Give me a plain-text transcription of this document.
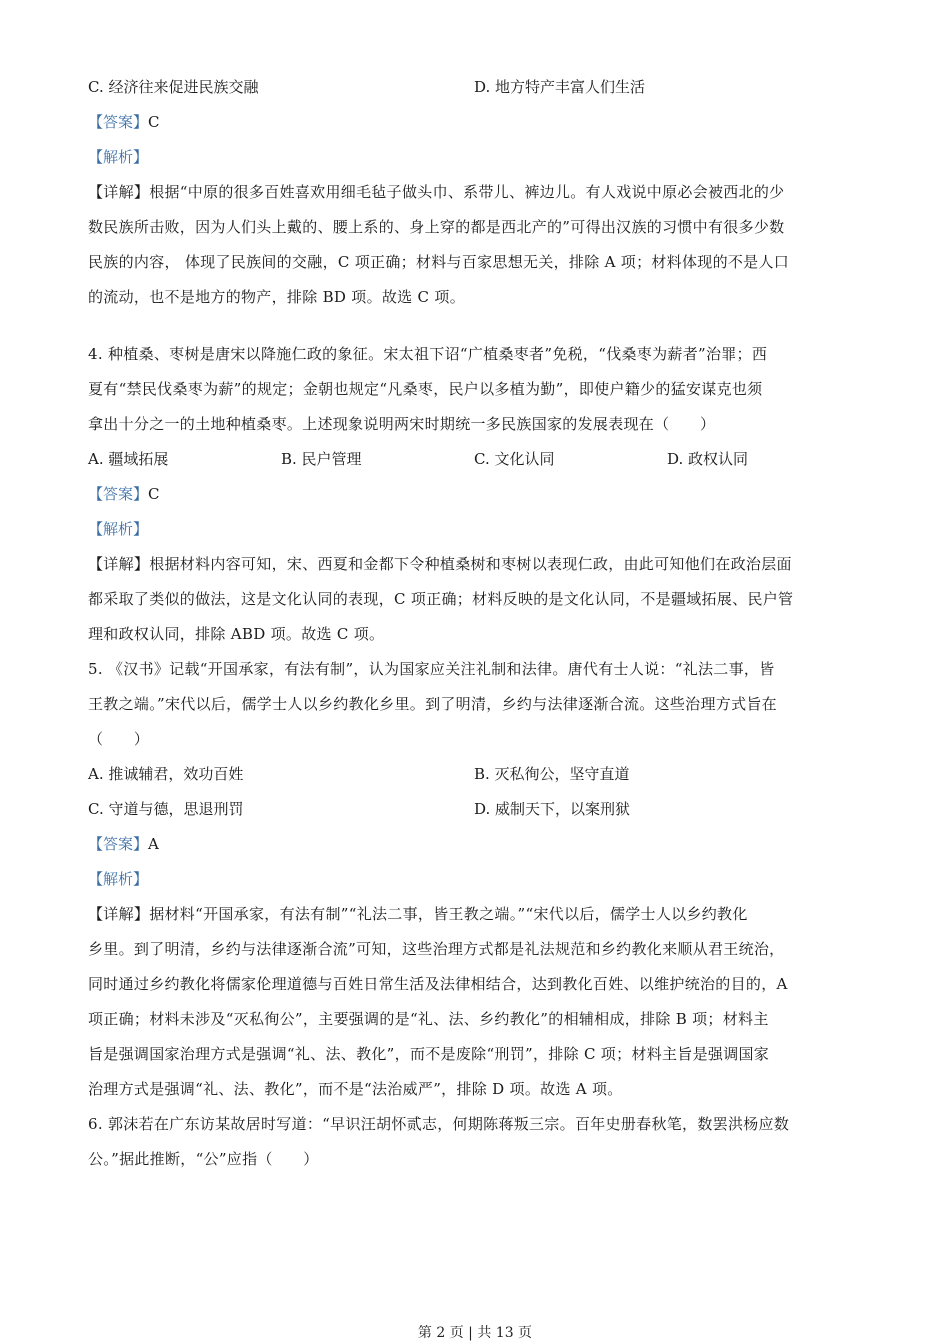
C. 经济往来促进民族交融	D. 地方特产丰富人们生活
【答案】C
【解析】
【详解】根据“中原的很多百姓喜欢用细毛毡子做头巾、系带儿、裤边儿。有人戏说中原必会被西北的少
数民族所击败，因为人们头上戴的、腰上系的、身上穿的都是西北产的”可得出汉族的习惯中有很多少数
民族的内容， 体现了民族间的交融，C 项正确；材料与百家思想无关，排除 A 项；材料体现的不是人口
的流动，也不是地方的物产，排除 BD 项。故选 C 项。
4. 种植桑、枣树是唐宋以降施仁政的象征。宋太祖下诏“广植桑枣者”免税，“伐桑枣为薪者”治罪；西
夏有“禁民伐桑枣为薪”的规定；金朝也规定“凡桑枣，民户以多植为勤”，即使户籍少的猛安谋克也须
拿出十分之一的土地种植桑枣。上述现象说明两宋时期统一多民族国家的发展表现在（　　）
A. 疆域拓展	B. 民户管理	C. 文化认同	D. 政权认同
【答案】C
【解析】
【详解】根据材料内容可知，宋、西夏和金都下令种植桑树和枣树以表现仁政，由此可知他们在政治层面
都采取了类似的做法，这是文化认同的表现，C 项正确；材料反映的是文化认同，不是疆域拓展、民户管
理和政权认同，排除 ABD 项。故选 C 项。
5. 《汉书》记载“开国承家，有法有制”，认为国家应关注礼制和法律。唐代有士人说：“礼法二事，皆
王教之端。”宋代以后，儒学士人以乡约教化乡里。到了明清，乡约与法律逐渐合流。这些治理方式旨在
（　　）
A. 推诚辅君，效功百姓	B. 灭私徇公，坚守直道
C. 守道与德，思退刑罚	D. 威制天下，以案刑狱
【答案】A
【解析】
【详解】据材料“开国承家，有法有制”“礼法二事，皆王教之端。”“宋代以后，儒学士人以乡约教化
乡里。到了明清，乡约与法律逐渐合流”可知，这些治理方式都是礼法规范和乡约教化来顺从君王统治，
同时通过乡约教化将儒家伦理道德与百姓日常生活及法律相结合，达到教化百姓、以维护统治的目的，A
项正确；材料未涉及“灭私徇公”，主要强调的是“礼、法、乡约教化”的相辅相成，排除 B 项；材料主
旨是强调国家治理方式是强调“礼、法、教化”，而不是废除“刑罚”，排除 C 项；材料主旨是强调国家
治理方式是强调“礼、法、教化”，而不是“法治威严”，排除 D 项。故选 A 项。
6. 郭沫若在广东访某故居时写道：“早识汪胡怀贰志，何期陈蒋叛三宗。百年史册春秋笔，数罢洪杨应数
公。”据此推断，“公”应指（　　）
第 2 页 | 共 13 页
